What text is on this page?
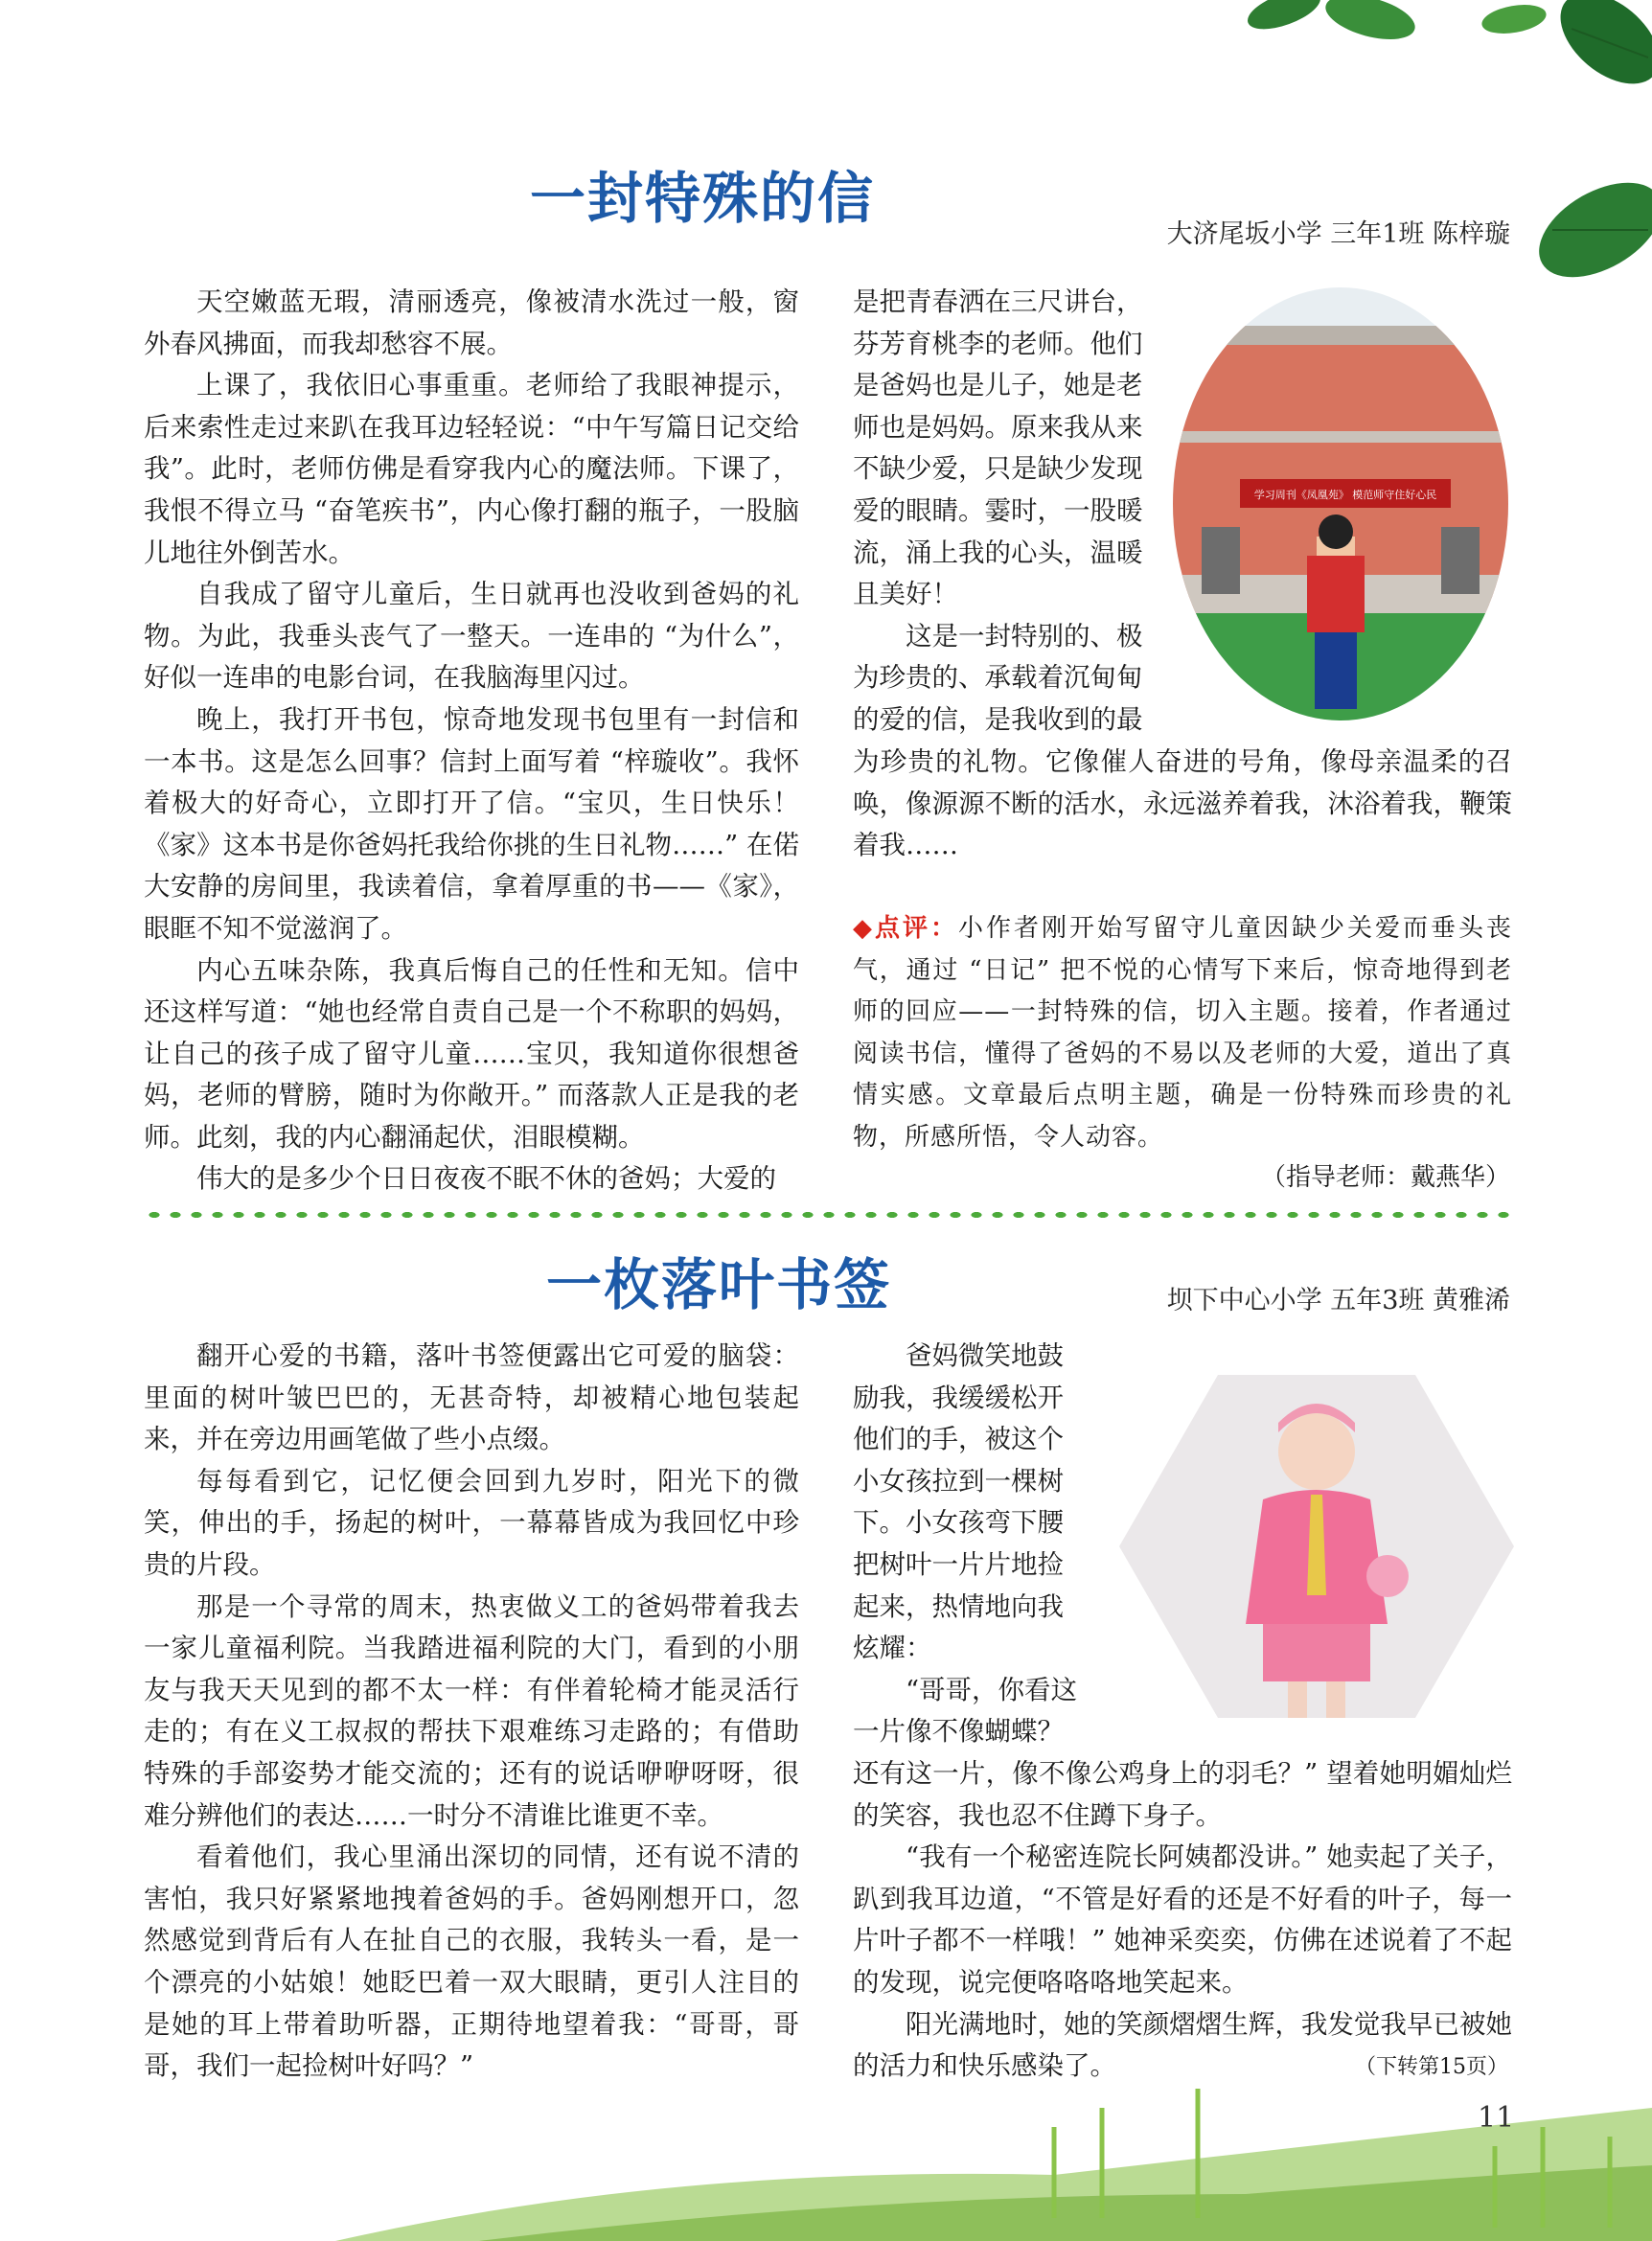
一封特殊的信
大济尾坂小学 三年1班 陈梓璇

天空嫩蓝无瑕，清丽透亮，像被清水洗过一般，窗外春风拂面，而我却愁容不展。

上课了，我依旧心事重重。老师给了我眼神提示，后来索性走过来趴在我耳边轻轻说：“中午写篇日记交给我”。此时，老师仿佛是看穿我内心的魔法师。下课了，我恨不得立马 “奋笔疾书”，内心像打翻的瓶子，一股脑儿地往外倒苦水。

自我成了留守儿童后，生日就再也没收到爸妈的礼物。为此，我垂头丧气了一整天。一连串的 “为什么”，好似一连串的电影台词，在我脑海里闪过。

晚上，我打开书包，惊奇地发现书包里有一封信和一本书。这是怎么回事？信封上面写着 “梓璇收”。我怀着极大的好奇心，立即打开了信。“宝贝，生日快乐！《家》这本书是你爸妈托我给你挑的生日礼物……” 在偌大安静的房间里，我读着信，拿着厚重的书——《家》，眼眶不知不觉滋润了。

内心五味杂陈，我真后悔自己的任性和无知。信中还这样写道：“她也经常自责自己是一个不称职的妈妈，让自己的孩子成了留守儿童……宝贝，我知道你很想爸妈，老师的臂膀，随时为你敞开。” 而落款人正是我的老师。此刻，我的内心翻涌起伏，泪眼模糊。

伟大的是多少个日日夜夜不眠不休的爸妈；大爱的

是把青春洒在三尺讲台，

芬芳育桃李的老师。他们

是爸妈也是儿子，她是老

师也是妈妈。原来我从来

不缺少爱，只是缺少发现

爱的眼睛。霎时，一股暖

流，涌上我的心头，温暖

且美好！

　　这是一封特别的、极

为珍贵的、承载着沉甸甸

的爱的信，是我收到的最

学习周刊《凤凰苑》 模范师守住好心民

为珍贵的礼物。它像催人奋进的号角，像母亲温柔的召唤，像源源不断的活水，永远滋养着我，沐浴着我，鞭策着我……

◆点评：小作者刚开始写留守儿童因缺少关爱而垂头丧气，通过 “日记” 把不悦的心情写下来后，惊奇地得到老师的回应——一封特殊的信，切入主题。接着，作者通过阅读书信，懂得了爸妈的不易以及老师的大爱，道出了真情实感。文章最后点明主题，确是一份特殊而珍贵的礼物，所感所悟，令人动容。

（指导老师：戴燕华）
一枚落叶书签	坝下中心小学 五年3班 黄雅浠

翻开心爱的书籍，落叶书签便露出它可爱的脑袋：里面的树叶皱巴巴的，无甚奇特，却被精心地包装起来，并在旁边用画笔做了些小点缀。

每每看到它，记忆便会回到九岁时，阳光下的微笑，伸出的手，扬起的树叶，一幕幕皆成为我回忆中珍贵的片段。

那是一个寻常的周末，热衷做义工的爸妈带着我去一家儿童福利院。当我踏进福利院的大门，看到的小朋友与我天天见到的都不太一样：有伴着轮椅才能灵活行走的；有在义工叔叔的帮扶下艰难练习走路的；有借助特殊的手部姿势才能交流的；还有的说话咿咿呀呀，很难分辨他们的表达……一时分不清谁比谁更不幸。

看着他们，我心里涌出深切的同情，还有说不清的害怕，我只好紧紧地拽着爸妈的手。爸妈刚想开口，忽然感觉到背后有人在扯自己的衣服，我转头一看，是一个漂亮的小姑娘！她眨巴着一双大眼睛，更引人注目的是她的耳上带着助听器，正期待地望着我：“哥哥，哥哥，我们一起捡树叶好吗？”

　　爸妈微笑地鼓

励我，我缓缓松开

他们的手，被这个

小女孩拉到一棵树

下。小女孩弯下腰

把树叶一片片地捡

起来，热情地向我

炫耀：

　　“哥哥，你看这

一片像不像蝴蝶？

还有这一片，像不像公鸡身上的羽毛？” 望着她明媚灿烂的笑容，我也忍不住蹲下身子。

“我有一个秘密连院长阿姨都没讲。” 她卖起了关子，趴到我耳边道，“不管是好看的还是不好看的叶子，每一片叶子都不一样哦！” 她神采奕奕，仿佛在述说着了不起的发现，说完便咯咯咯地笑起来。

阳光满地时，她的笑颜熠熠生辉，我发觉我早已被她的活力和快乐感染了。	（下转第15页）
11
